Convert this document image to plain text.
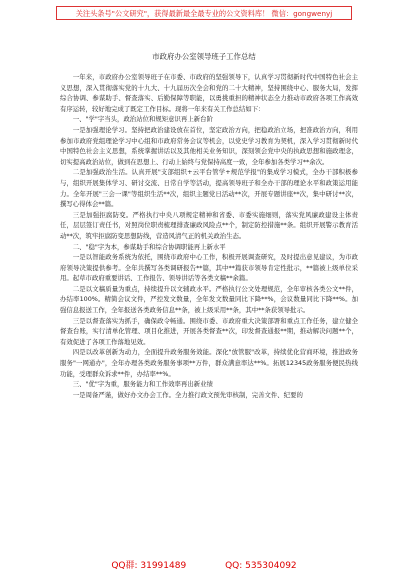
关注头条号"公文研究"，获得最新最全最专业的公文资料库！ 微信：gongwenyj
市政府办公室领导班子工作总结

一年来，市政府办公室领导班子在市委、市政府的坚强领导下，认真学习贯彻新时代中国特色社会主义思想，深入贯彻落实党的十九大、十九届历次全会和党的二十大精神，坚持围绕中心、服务大局，发挥综合协调、参谋助手、督查落实、后勤保障等职能，以勇挑重担的精神状态全力推动市政府各项工作高效有序运转，较好地完成了既定工作目标。现将一年来有关工作总结如下：

一、"学"字当头，政治站位和规矩意识再上新台阶

一是加强理论学习。坚持把政治建设放在首位，坚定政治方向，把稳政治立场，把准政治方向，利用参加市政府党组理论学习中心组和市政府常务会议等机会，以党史学习教育为契机，深入学习贯彻新时代中国特色社会主义思想，系统掌握讲话以及其他相关业务知识，深刻领会党中央的执政思想和施政理念，切实提高政治站位，做到在思想上、行动上始终与党保持高度一致，全年参加各类学习**余次。

二是加强政治生活。认真开展"支部组织+云平台管学+规范学报"的集成学习模式，全办干部积极参与，组织开展集体学习、研讨交流、日常自学等活动，提高领导班子和全办干部的理论水平和政策运用能力。全年开展"三会一课"等组织生活**次，组织主题党日活动**次，开展专题讲座**次，集中研讨**次，撰写心得体会**篇。

三是加强拒腐防变。严格执行中央八项规定精神和省委、市委实施细则，落实党风廉政建设主体责任，层层签订责任书，对照岗位职责梳理排查廉政风险点**个，制定防控措施**条。组织开展警示教育活动**次，筑牢拒腐防变思想防线，营造风清气正的机关政治生态。

二、"稳"字为本，参谋助手和综合协调职能再上新水平

一是以智能政务系统为依托，围绕市政府中心工作，积极开展调查研究，及时提出意见建议，为市政府领导决策提供参考。全年共撰写各类调研报告**篇，其中**篇获市领导肯定性批示，**篇被上级单位采用。起草市政府重要讲话、工作报告、领导讲话等各类文稿**余篇。

二是以文稿质量为重点，持续提升以文辅政水平。严格执行公文处理规范，全年审核各类公文**件，办结率100%。精简会议文件，严控发文数量，全年发文数量同比下降**%，会议数量同比下降**%。加强信息报送工作，全年报送各类政务信息**条，被上级采用**条，其中**条获领导批示。

三是以督查落实为抓手，确保政令畅通。围绕市委、市政府重大决策部署和重点工作任务，建立健全督查台账，实行清单化管理、项目化推进，开展各类督查**次，印发督查通报**期，推动解决问题**个，有效促进了各项工作落地见效。

四是以改革创新为动力，全面提升政务服务效能。深化"放管服"改革，持续优化营商环境，推进政务服务"一网通办"，全年办理各类政务服务事项**万件，群众满意率达**%。拓展12345政务服务便民热线功能，受理群众诉求**件，办结率**%。

三、"优"字为重，服务能力和工作效率再出新业绩

一是周备严谨，做好办文办会工作。全力推行政文预先审核制，完善文件、纪要的

QQ群: 31991489	QQ: 535304092
